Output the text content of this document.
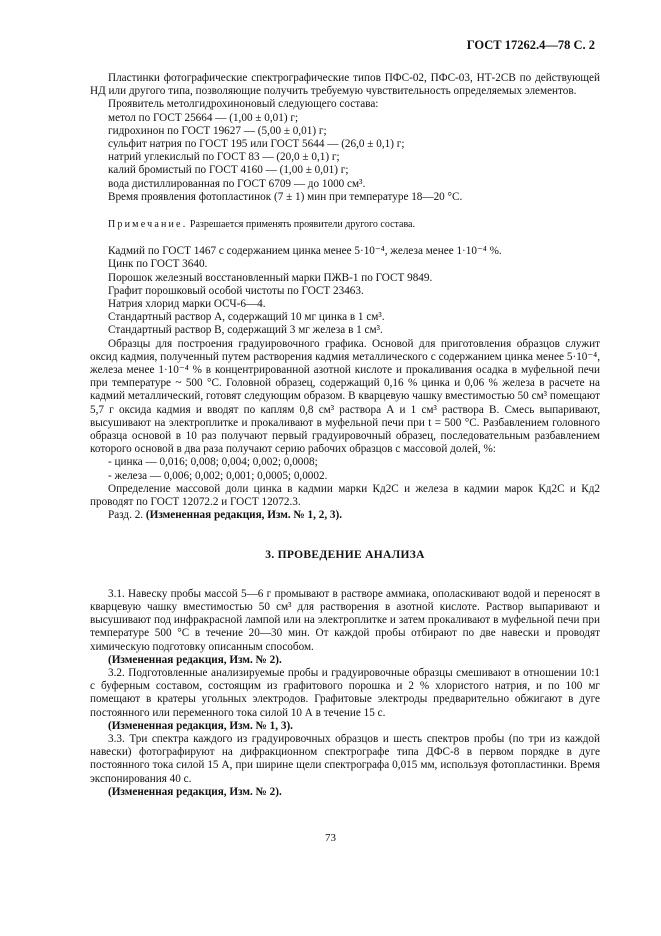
ГОСТ 17262.4—78 С. 2

Пластинки фотографические спектрографические типов ПФС-02, ПФС-03, НТ-2СВ по действующей НД или другого типа, позволяющие получить требуемую чувствительность определяемых элементов.

Проявитель метолгидрохиноновый следующего состава:

метол по ГОСТ 25664 — (1,00 ± 0,01) г;

гидрохинон по ГОСТ 19627 — (5,00 ± 0,01) г;

сульфит натрия по ГОСТ 195 или ГОСТ 5644 — (26,0 ± 0,1) г;

натрий углекислый по ГОСТ 83 — (20,0 ± 0,1) г;

калий бромистый по ГОСТ 4160 — (1,00 ± 0,01) г;

вода дистиллированная по ГОСТ 6709 — до 1000 см³.

Время проявления фотопластинок (7 ± 1) мин при температуре 18—20 °С.

Примечание. Разрешается применять проявители другого состава.

Кадмий по ГОСТ 1467 с содержанием цинка менее 5·10⁻⁴, железа менее 1·10⁻⁴ %.

Цинк по ГОСТ 3640.

Порошок железный восстановленный марки ПЖВ-1 по ГОСТ 9849.

Графит порошковый особой чистоты по ГОСТ 23463.

Натрия хлорид марки ОСЧ-6—4.

Стандартный раствор А, содержащий 10 мг цинка в 1 см³.

Стандартный раствор В, содержащий 3 мг железа в 1 см³.

Образцы для построения градуировочного графика. Основой для приготовления образцов служит оксид кадмия, полученный путем растворения кадмия металлического с содержанием цинка менее 5·10⁻⁴, железа менее 1·10⁻⁴ % в концентрированной азотной кислоте и прокаливания осадка в муфельной печи при температуре ~ 500 °С. Головной образец, содержащий 0,16 % цинка и 0,06 % железа в расчете на кадмий металлический, готовят следующим образом. В кварцевую чашку вместимостью 50 см³ помещают 5,7 г оксида кадмия и вводят по каплям 0,8 см³ раствора А и 1 см³ раствора В. Смесь выпаривают, высушивают на электроплитке и прокаливают в муфельной печи при t = 500 °С. Разбавлением головного образца основой в 10 раз получают первый градуировочный образец, последовательным разбавлением которого основой в два раза получают серию рабочих образцов с массовой долей, %:

- цинка — 0,016; 0,008; 0,004; 0,002; 0,0008;

- железа — 0,006; 0,002; 0,001; 0,0005; 0,0002.

Определение массовой доли цинка в кадмии марки Кд2С и железа в кадмии марок Кд2С и Кд2 проводят по ГОСТ 12072.2 и ГОСТ 12072.3.

Разд. 2. (Измененная редакция, Изм. № 1, 2, 3).

3. ПРОВЕДЕНИЕ АНАЛИЗА

3.1. Навеску пробы массой 5—6 г промывают в растворе аммиака, ополаскивают водой и переносят в кварцевую чашку вместимостью 50 см³ для растворения в азотной кислоте. Раствор выпаривают и высушивают под инфракрасной лампой или на электроплитке и затем прокаливают в муфельной печи при температуре 500 °С в течение 20—30 мин. От каждой пробы отбирают по две навески и проводят химическую подготовку описанным способом.

(Измененная редакция, Изм. № 2).

3.2. Подготовленные анализируемые пробы и градуировочные образцы смешивают в отношении 10:1 с буферным составом, состоящим из графитового порошка и 2 % хлористого натрия, и по 100 мг помещают в кратеры угольных электродов. Графитовые электроды предварительно обжигают в дуге постоянного или переменного тока силой 10 А в течение 15 с.

(Измененная редакция, Изм. № 1, 3).

3.3. Три спектра каждого из градуировочных образцов и шесть спектров пробы (по три из каждой навески) фотографируют на дифракционном спектрографе типа ДФС-8 в первом порядке в дуге постоянного тока силой 15 А, при ширине щели спектрографа 0,015 мм, используя фотопластинки. Время экспонирования 40 с.

(Измененная редакция, Изм. № 2).

73
